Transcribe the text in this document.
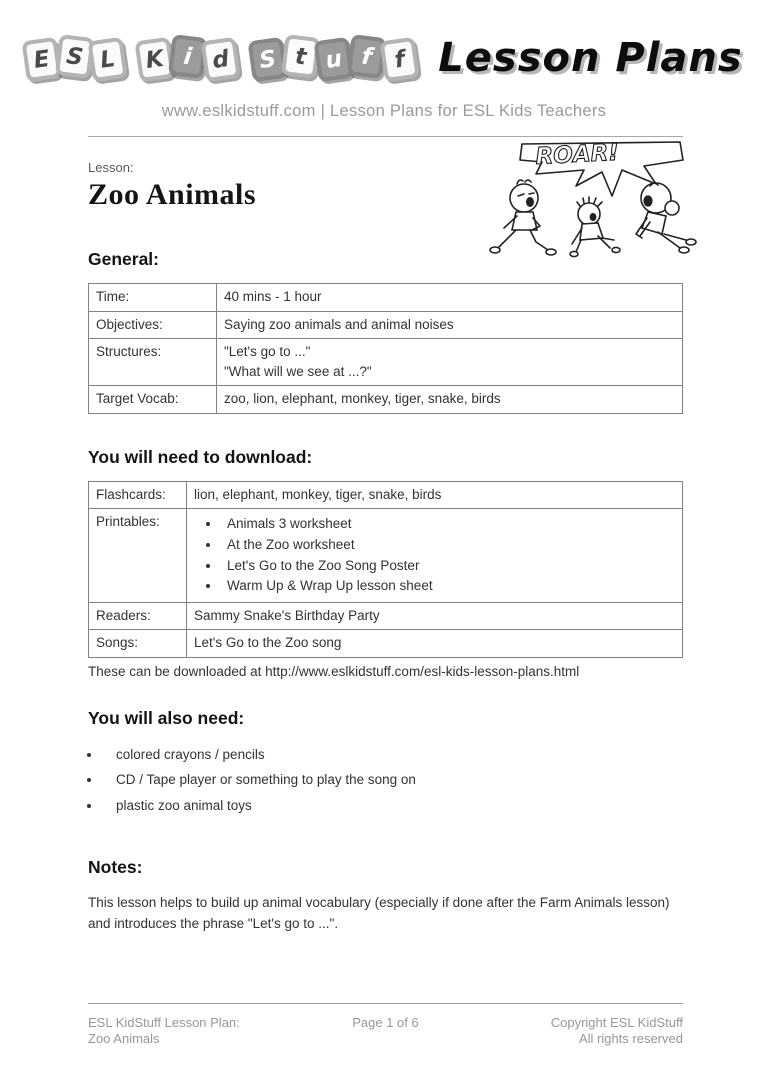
E S L	K i d	S t u f f Lesson Plans
www.eslkidstuff.com | Lesson Plans for ESL Kids Teachers
ROAR!
Lesson:
Zoo Animals
General:
Time:	40 mins - 1 hour
Objectives:	Saying zoo animals and animal noises
Structures:	"Let's go to ..."
"What will we see at ...?"

Target Vocab:	zoo, lion, elephant, monkey, tiger, snake, birds
You will need to download:
Flashcards:	lion, elephant, monkey, tiger, snake, birds
Printables:	
•Animals 3 worksheet
• At the Zoo worksheet
• Let's Go to the Zoo Song Poster
• Warm Up & Wrap Up lesson sheet

Readers:	Sammy Snake's Birthday Party
Songs:	Let's Go to the Zoo song
These can be downloaded at http://www.eslkidstuff.com/esl-kids-lesson-plans.html
You will also need:
• colored crayons / pencils
• CD / Tape player or something to play the song on
• plastic zoo animal toys
Notes:

This lesson helps to build up animal vocabulary (especially if done after the Farm Animals lesson) and introduces the phrase "Let's go to ...".

ESL KidStuff Lesson Plan:
Zoo Animals
Page 1 of 6	Copyright ESL KidStuff
All rights reserved
